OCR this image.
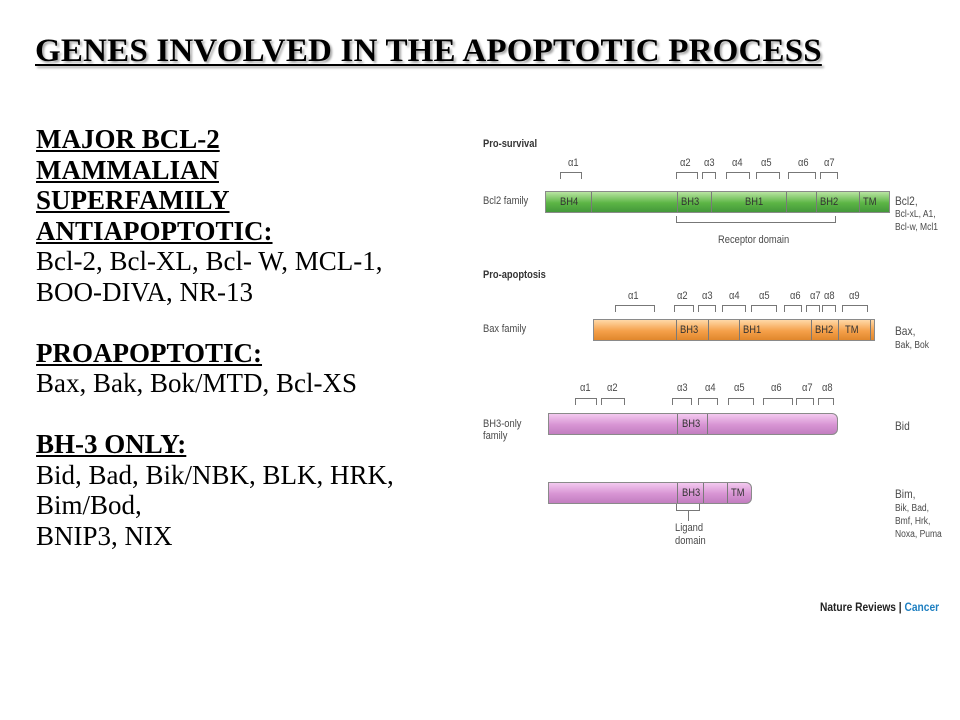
GENES INVOLVED IN THE APOPTOTIC PROCESS
MAJOR BCL-2
MAMMALIAN
SUPERFAMILY
ANTIAPOPTOTIC:
Bcl-2, Bcl-XL, Bcl- W, MCL-1,
BOO-DIVA, NR-13
PROAPOPTOTIC:
Bax, Bak, Bok/MTD, Bcl-XS
BH-3 ONLY:
Bid, Bad, Bik/NBK, BLK, HRK,
Bim/Bod,
BNIP3, NIX
Pro-survival
α1	α2 α3 α4 α5 α6 α7
Bcl2 family	BH4	BH3	BH1	BH2 TM Bcl2,
Bcl-xL, A1,
Bcl-w, Mcl1
Receptor domain
Pro-apoptosis
α1	α2 α3 α4 α5 α6 α7 α8 α9
Bax family	BH3	BH1	BH2 TM	Bax,
Bak, Bok
α1 α2	α3 α4 α5 α6 α7 α8
BH3-only
family
BH3	Bid
BH3	TM	Bim,
Bik, Bad,
Bmf, Hrk,
Noxa, Puma
Ligand
domain
Nature Reviews | Cancer
